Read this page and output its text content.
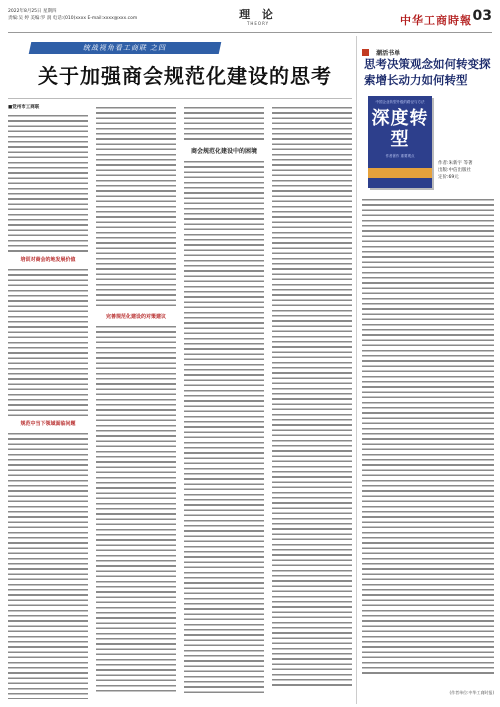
2022年8月25日 星期四
责编:吴 婷 美编:罗 润 电话:(010)xxxx E-mail:xxxx@xxx.com	理 论
THEORY	中华工商時報 03
统战视角看工商联 之四
关于加强商会规范化建设的思考
■党州市工商联
培训对商会的地发展价值
规范中当下领域面临问题
完善规范化建设的对策建议
商会规范化建设中的困境
潮活书单
思考决策观念如何转变探索增长动力如何转型
中国企业转型升级的路径与方法
深度转型
作者著作 重要观点
作者:朱新宇 等著
出版:中信出版社
定价:69元
(作者单位:中华工商时报)
